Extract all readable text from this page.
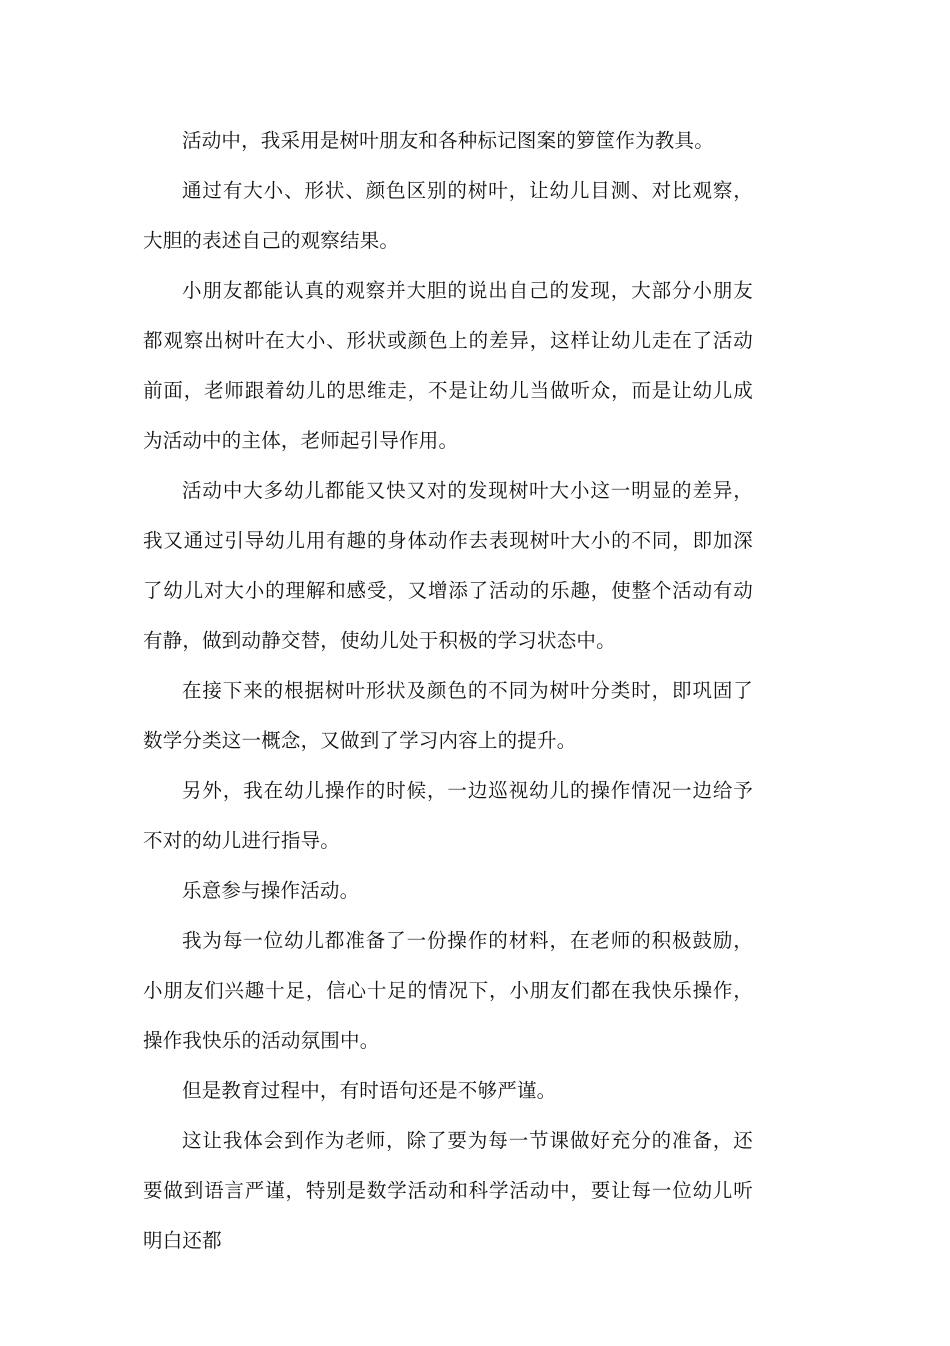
活动中，我采用是树叶朋友和各种标记图案的箩筐作为教具。

通过有大小、形状、颜色区别的树叶，让幼儿目测、对比观察，大胆的表述自己的观察结果。

小朋友都能认真的观察并大胆的说出自己的发现，大部分小朋友都观察出树叶在大小、形状或颜色上的差异，这样让幼儿走在了活动前面，老师跟着幼儿的思维走，不是让幼儿当做听众，而是让幼儿成为活动中的主体，老师起引导作用。

活动中大多幼儿都能又快又对的发现树叶大小这一明显的差异，我又通过引导幼儿用有趣的身体动作去表现树叶大小的不同，即加深了幼儿对大小的理解和感受，又增添了活动的乐趣，使整个活动有动有静，做到动静交替，使幼儿处于积极的学习状态中。

在接下来的根据树叶形状及颜色的不同为树叶分类时，即巩固了数学分类这一概念，又做到了学习内容上的提升。

另外，我在幼儿操作的时候，一边巡视幼儿的操作情况一边给予不对的幼儿进行指导。

乐意参与操作活动。

我为每一位幼儿都准备了一份操作的材料，在老师的积极鼓励，小朋友们兴趣十足，信心十足的情况下，小朋友们都在我快乐操作，操作我快乐的活动氛围中。

但是教育过程中，有时语句还是不够严谨。

这让我体会到作为老师，除了要为每一节课做好充分的准备，还要做到语言严谨，特别是数学活动和科学活动中，要让每一位幼儿听明白还都
